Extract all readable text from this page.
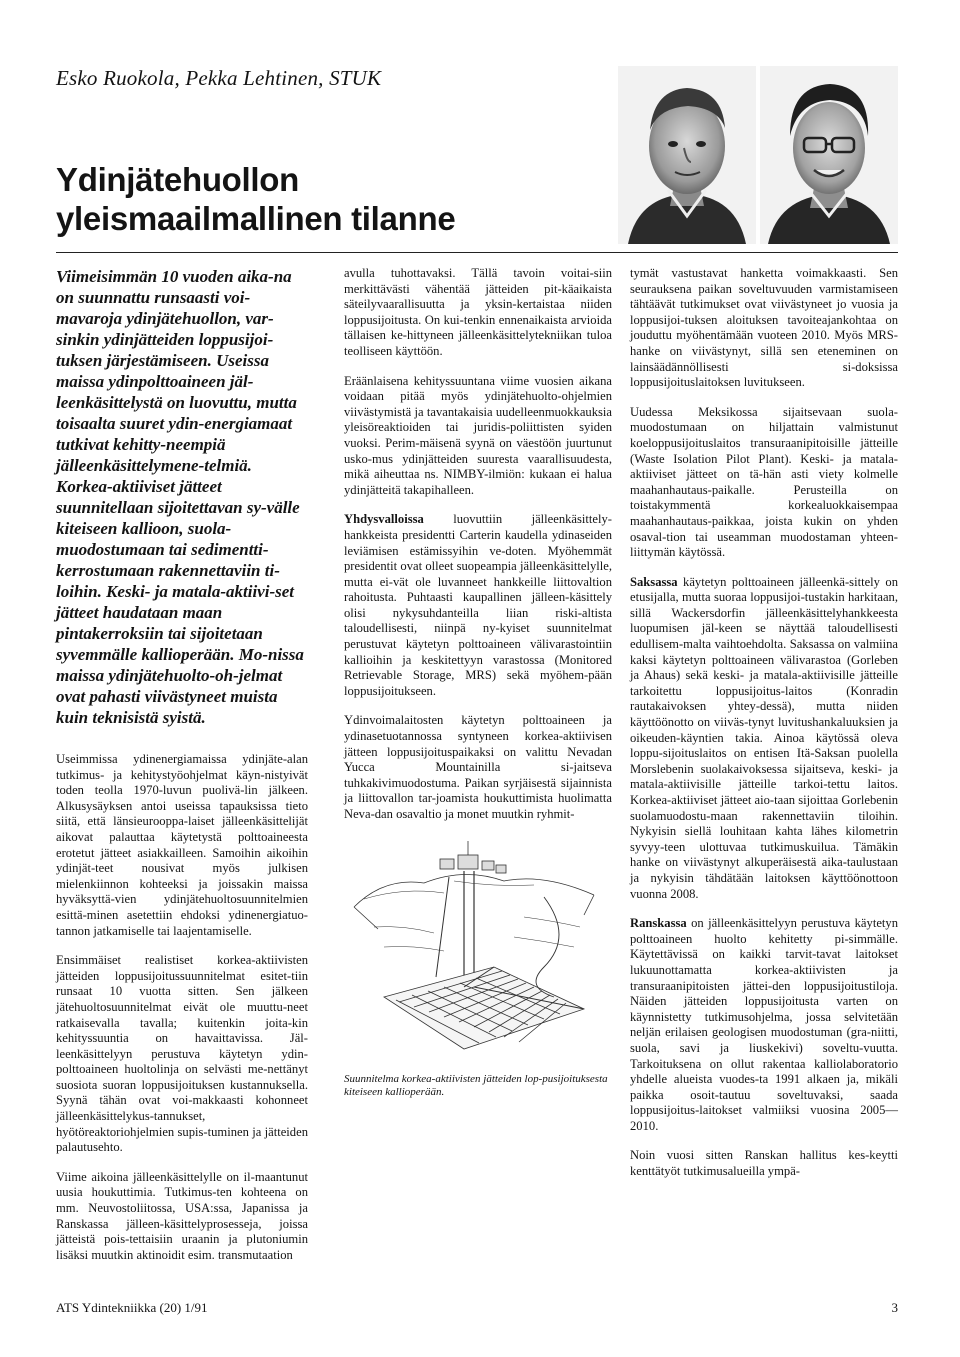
Esko Ruokola, Pekka Lehtinen, STUK
Ydinjätehuollon
yleismaailmallinen tilanne

Viimeisimmän 10 vuoden aika-na on suunnattu runsaasti voi-mavaroja ydinjätehuollon, var-sinkin ydinjätteiden loppusijoi-tuksen järjestämiseen. Useissa maissa ydinpolttoaineen jäl-leenkäsittelystä on luovuttu, mutta toisaalta suuret ydin-energiamaat tutkivat kehitty-neempiä jälleenkäsittelymene-telmiä. Korkea-aktiiviset jätteet suunnitellaan sijoitettavan sy-välle kiteiseen kallioon, suola-muodostumaan tai sedimentti-kerrostumaan rakennettaviin ti-loihin. Keski- ja matala-aktiivi-set jätteet haudataan maan pintakerroksiin tai sijoitetaan syvemmälle kallioperään. Mo-nissa maissa ydinjätehuolto-oh-jelmat ovat pahasti viivästyneet muista kuin teknisistä syistä.

Useimmissa ydinenergiamaissa ydinjäte-alan tutkimus- ja kehitystyöohjelmat käyn-nistyivät toden teolla 1970-luvun puolivä-lin jälkeen. Alkusysäyksen antoi useissa tapauksissa tieto siitä, että länsieurooppa-laiset jälleenkäsittelijät aikovat palauttaa käytetystä polttoaineesta erotetut jätteet asiakkailleen. Samoihin aikoihin ydinjät-teet nousivat myös julkisen mielenkiinnon kohteeksi ja joissakin maissa hyväksyttä-vien ydinjätehuoltosuunnitelmien esittä-minen asetettiin ehdoksi ydinenergiatuo-tannon jatkamiselle tai laajentamiselle.

Ensimmäiset realistiset korkea-aktiivisten jätteiden loppusijoitussuunnitelmat esitet-tiin runsaat 10 vuotta sitten. Sen jälkeen jätehuoltosuunnitelmat eivät ole muuttu-neet ratkaisevalla tavalla; kuitenkin joita-kin kehityssuuntia on havaittavissa. Jäl-leenkäsittelyyn perustuva käytetyn ydin-polttoaineen huoltolinja on selvästi me-nettänyt suosiota suoran loppusijoituksen kustannuksella. Syynä tähän ovat voi-makkaasti kohonneet jälleenkäsittelykus-tannukset, hyötöreaktoriohjelmien supis-tuminen ja jätteiden palautusehto.

Viime aikoina jälleenkäsittelylle on il-maantunut uusia houkuttimia. Tutkimus-ten kohteena on mm. Neuvostoliitossa, USA:ssa, Japanissa ja Ranskassa jälleen-käsittelyprosesseja, joissa jätteistä pois-tettaisiin uraanin ja plutoniumin lisäksi muutkin aktinoidit esim. transmutaation

avulla tuhottavaksi. Tällä tavoin voitai-siin merkittävästi vähentää jätteiden pit-käaikaista säteilyvaarallisuutta ja yksin-kertaistaa niiden loppusijoitusta. On kui-tenkin ennenaikaista arvioida tällaisen ke-hittyneen jälleenkäsittelytekniikan tuloa teolliseen käyttöön.

Eräänlaisena kehityssuuntana viime vuosien aikana voidaan pitää myös ydinjätehuolto-ohjelmien viivästymistä ja tavantakaisia uudelleenmuokkauksia yleisöreaktioiden tai juridis-poliittisten syiden vuoksi. Perim-mäisenä syynä on väestöön juurtunut usko-mus ydinjätteiden suuresta vaarallisuudesta, mikä aiheuttaa ns. NIMBY-ilmiön: kukaan ei halua ydinjätteitä takapihalleen.

Yhdysvalloissa luovuttiin jälleenkäsittely-hankkeista presidentti Carterin kaudella ydinaseiden leviämisen estämissyihin ve-doten. Myöhemmät presidentit ovat olleet suopeampia jälleenkäsittelylle, mutta ei-vät ole luvanneet hankkeille liittovaltion rahoitusta. Puhtaasti kaupallinen jälleen-käsittely olisi nykysuhdanteilla liian riski-altista taloudellisesti, niinpä ny-kyiset suunnitelmat perustuvat käytetyn polttoaineen välivarastointiin kallioihin ja keskitettyyn varastossa (Monitored Retrievable Storage, MRS) sekä myöhem-pään loppusijoitukseen.

Ydinvoimalaitosten käytetyn polttoaineen ja ydinasetuotannossa syntyneen korkea-aktiivisen jätteen loppusijoituspaikaksi on valittu Nevadan Yucca Mountainilla si-jaitseva tuhkakivimuodostuma. Paikan syrjäisestä sijainnista ja liittovallon tar-joamista houkuttimista huolimatta Neva-dan osavaltio ja monet muutkin ryhmit-

Suunnitelma korkea-aktiivisten jätteiden lop-pusijoituksesta kiteiseen kallioperään.

tymät vastustavat hanketta voimakkaasti. Sen seurauksena paikan soveltuvuuden varmistamiseen tähtäävät tutkimukset ovat viivästyneet jo vuosia ja loppusijoi-tuksen aloituksen tavoiteajankohtaa on jouduttu myöhentämään vuoteen 2010. Myös MRS-hanke on viivästynyt, sillä sen eteneminen on lainsäädännöllisesti si-doksissa loppusijoituslaitoksen luvitukseen.

Uudessa Meksikossa sijaitsevaan suola-muodostumaan on hiljattain valmistunut koeloppusijoituslaitos transuraanipitoisille jätteille (Waste Isolation Pilot Plant). Keski- ja matala-aktiiviset jätteet on tä-hän asti viety kolmelle maahanhautaus-paikalle. Perusteilla on toistakymmentä korkealuokkaisempaa maahanhautaus-paikkaa, joista kukin on yhden osaval-tion tai useamman muodostaman yhteen-liittymän käytössä.

Saksassa käytetyn polttoaineen jälleenkä-sittely on etusijalla, mutta suoraa loppusijoi-tustakin harkitaan, sillä Wackersdorfin jälleenkäsittelyhankkeesta luopumisen jäl-keen se näyttää taloudellisesti edullisem-malta vaihtoehdolta. Saksassa on valmiina kaksi käytetyn polttoaineen välivarastoa (Gorleben ja Ahaus) sekä keski- ja matala-aktiivisille jätteille tarkoitettu loppusijoitus-laitos (Konradin rautakaivoksen yhtey-dessä), mutta niiden käyttöönotto on viiväs-tynyt luvitushankaluuksien ja oikeuden-käyntien takia. Ainoa käytössä oleva loppu-sijoituslaitos on entisen Itä-Saksan puolella Morslebenin suolakaivoksessa sijaitseva, keski- ja matala-aktiivisille jätteille tarkoi-tettu laitos. Korkea-aktiiviset jätteet aio-taan sijoittaa Gorlebenin suolamuodostu-maan rakennettaviin tiloihin. Nykyisin siellä louhitaan kahta lähes kilometrin syvyy-teen ulottuvaa tutkimuskuilua. Tämäkin hanke on viivästynyt alkuperäisestä aika-taulustaan ja nykyisin tähdätään laitoksen käyttöönottoon vuonna 2008.

Ranskassa on jälleenkäsittelyyn perustuva käytetyn polttoaineen huolto kehitetty pi-simmälle. Käytettävissä on kaikki tarvit-tavat laitokset lukuunottamatta korkea-aktiivisten ja transuraanipitoisten jättei-den loppusijoitustiloja. Näiden jätteiden loppusijoitusta varten on käynnistetty tutkimusohjelma, jossa selvitetään neljän erilaisen geologisen muodostuman (gra-niitti, suola, savi ja liuskekivi) soveltu-vuutta. Tarkoituksena on ollut rakentaa kalliolaboratorio yhdelle alueista vuodes-ta 1991 alkaen ja, mikäli paikka osoit-tautuu soveltuvaksi, saada loppusijoitus-laitokset valmiiksi vuosina 2005—2010.

Noin vuosi sitten Ranskan hallitus kes-keytti kenttätyöt tutkimusalueilla ympä-

ATS Ydintekniikka (20) 1/91	3
